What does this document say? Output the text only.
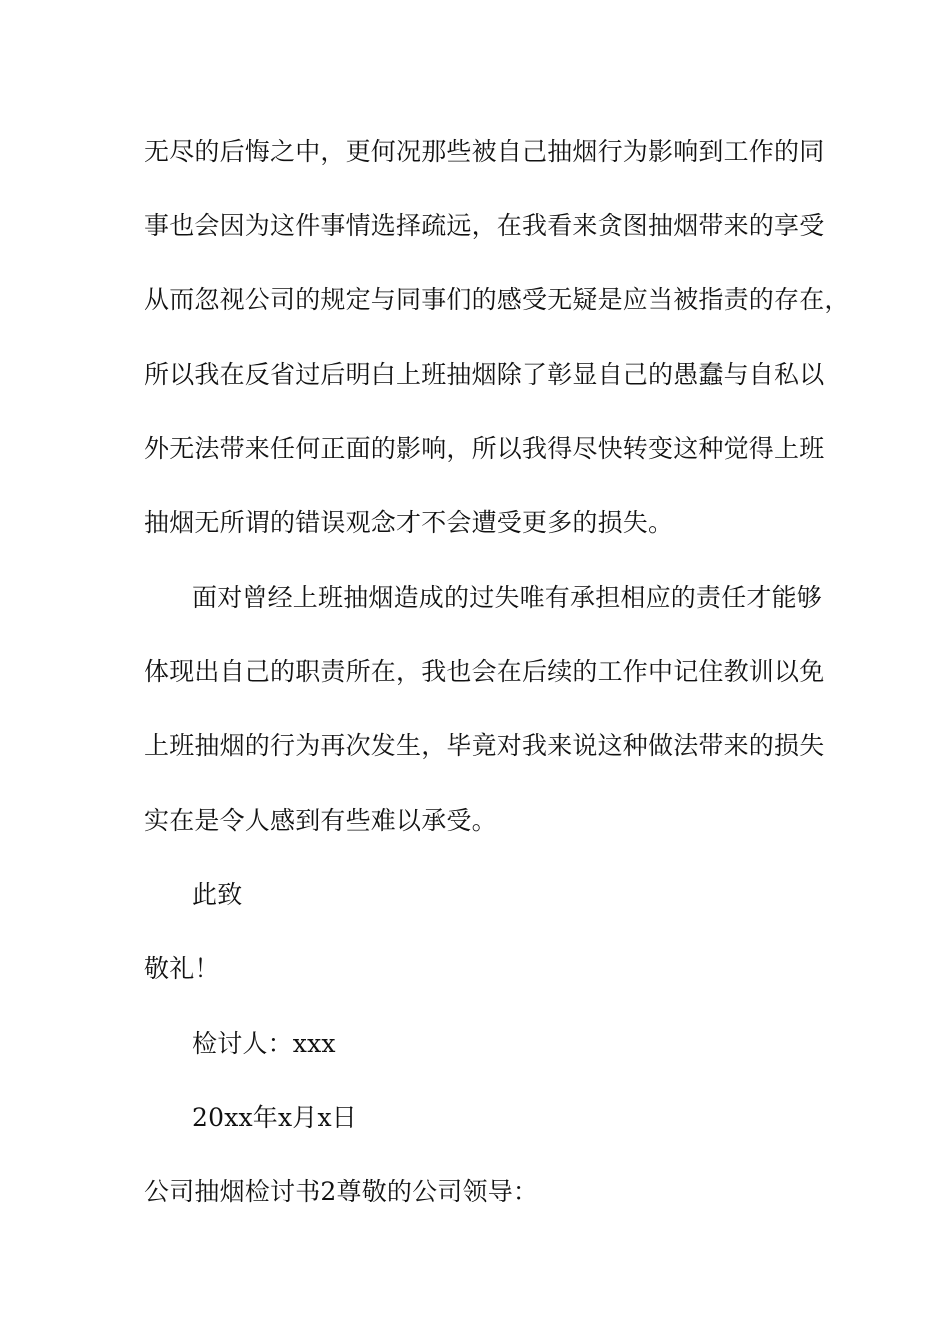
无尽的后悔之中，更何况那些被自己抽烟行为影响到工作的同
事也会因为这件事情选择疏远，在我看来贪图抽烟带来的享受
从而忽视公司的规定与同事们的感受无疑是应当被指责的存在，
所以我在反省过后明白上班抽烟除了彰显自己的愚蠢与自私以
外无法带来任何正面的影响，所以我得尽快转变这种觉得上班
抽烟无所谓的错误观念才不会遭受更多的损失。
面对曾经上班抽烟造成的过失唯有承担相应的责任才能够
体现出自己的职责所在，我也会在后续的工作中记住教训以免
上班抽烟的行为再次发生，毕竟对我来说这种做法带来的损失
实在是令人感到有些难以承受。
此致
敬礼！
检讨人：xxx
20xx年x月x日
公司抽烟检讨书2尊敬的公司领导：
